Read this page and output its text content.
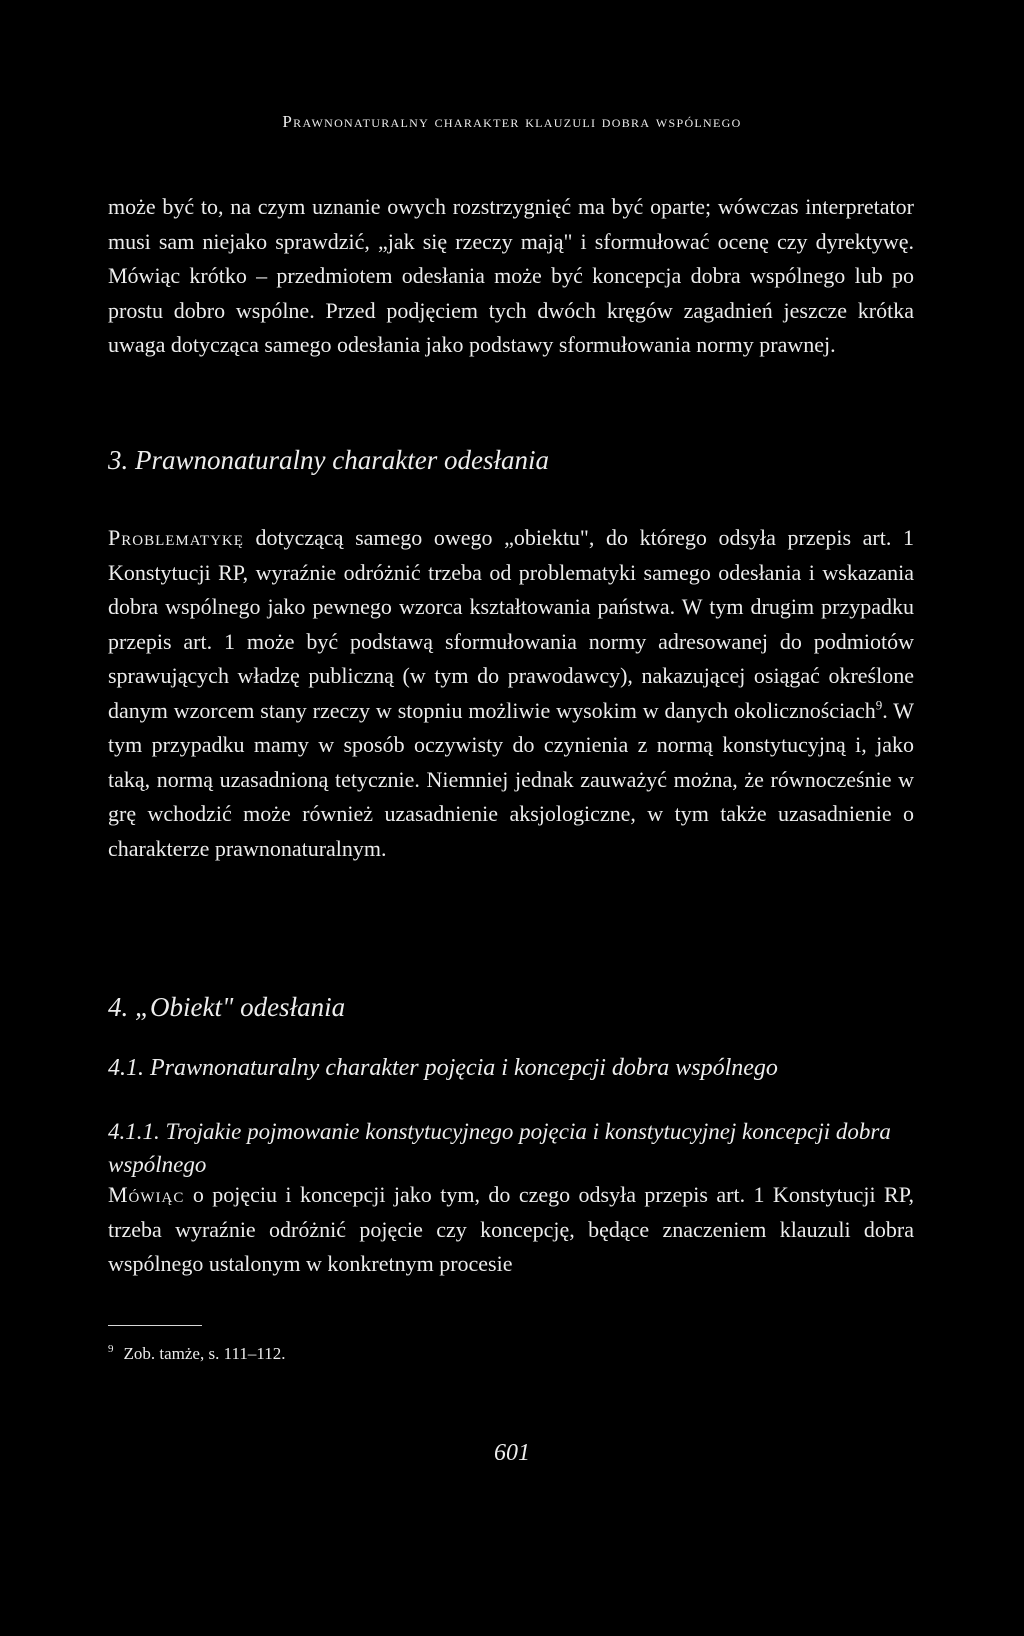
Prawnonaturalny charakter klauzuli dobra wspólnego

może być to, na czym uznanie owych rozstrzygnięć ma być oparte; wówczas interpretator musi sam niejako sprawdzić, „jak się rzeczy mają" i sformułować ocenę czy dyrektywę. Mówiąc krótko – przedmiotem odesłania może być koncepcja dobra wspólnego lub po prostu dobro wspólne. Przed podjęciem tych dwóch kręgów zagadnień jeszcze krótka uwaga dotycząca samego odesłania jako podstawy sformułowania normy prawnej.

3. Prawnonaturalny charakter odesłania

Problematykę dotyczącą samego owego „obiektu", do którego odsyła przepis art. 1 Konstytucji RP, wyraźnie odróżnić trzeba od problematyki samego odesłania i wskazania dobra wspólnego jako pewnego wzorca kształtowania państwa. W tym drugim przypadku przepis art. 1 może być podstawą sformułowania normy adresowanej do podmiotów sprawujących władzę publiczną (w tym do prawodawcy), nakazującej osiągać określone danym wzorcem stany rzeczy w stopniu możliwie wysokim w danych okolicznościach$^9$. W tym przypadku mamy w sposób oczywisty do czynienia z normą konstytucyjną i, jako taką, normą uzasadnioną tetycznie. Niemniej jednak zauważyć można, że równocześnie w grę wchodzić może również uzasadnienie aksjologiczne, w tym także uzasadnienie o charakterze prawnonaturalnym.

4. „Obiekt" odesłania
4.1. Prawnonaturalny charakter pojęcia i koncepcji dobra wspólnego
4.1.1. Trojakie pojmowanie konstytucyjnego pojęcia i konstytucyjnej koncepcji dobra wspólnego

Mówiąc o pojęciu i koncepcji jako tym, do czego odsyła przepis art. 1 Konstytucji RP, trzeba wyraźnie odróżnić pojęcie czy koncepcję, będące znaczeniem klauzuli dobra wspólnego ustalonym w konkretnym procesie

$^9$ Zob. tamże, s. 111–112.
601
